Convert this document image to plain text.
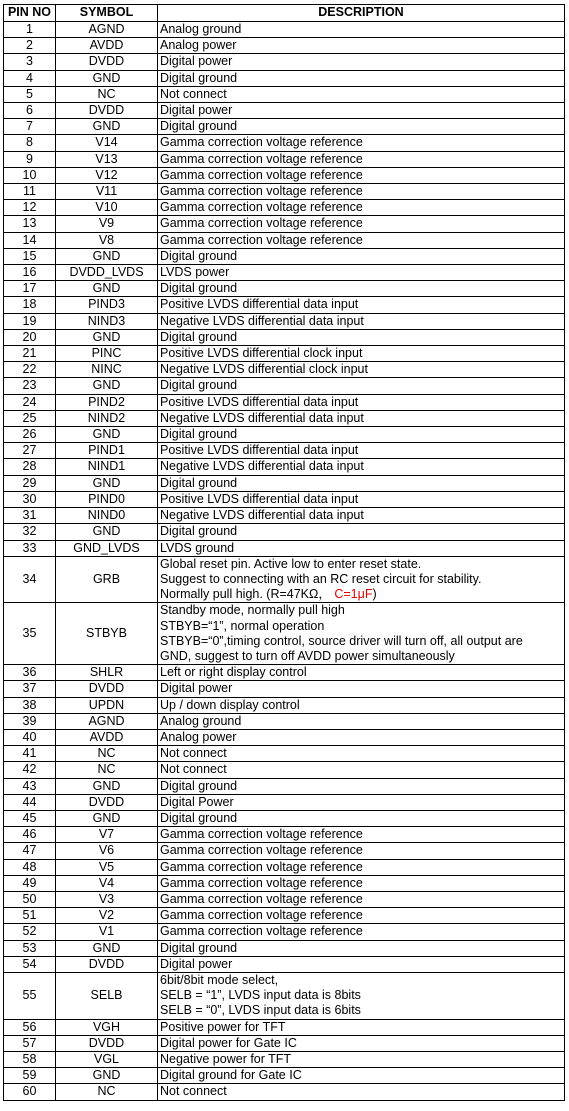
PIN NO	SYMBOL	DESCRIPTION
1	AGND	Analog ground

2	AVDD	Analog power

3	DVDD	Digital power

4	GND	Digital ground

5	NC	Not connect

6	DVDD	Digital power

7	GND	Digital ground

8	V14	Gamma correction voltage reference

9	V13	Gamma correction voltage reference

10	V12	Gamma correction voltage reference

11	V11	Gamma correction voltage reference

12	V10	Gamma correction voltage reference

13	V9	Gamma correction voltage reference

14	V8	Gamma correction voltage reference

15	GND	Digital ground

16	DVDD_LVDS	LVDS power

17	GND	Digital ground

18	PIND3	Positive LVDS differential data input

19	NIND3	Negative LVDS differential data input

20	GND	Digital ground

21	PINC	Positive LVDS differential clock input

22	NINC	Negative LVDS differential clock input

23	GND	Digital ground

24	PIND2	Positive LVDS differential data input

25	NIND2	Negative LVDS differential data input

26	GND	Digital ground

27	PIND1	Positive LVDS differential data input

28	NIND1	Negative LVDS differential data input

29	GND	Digital ground

30	PIND0	Positive LVDS differential data input

31	NIND0	Negative LVDS differential data input

32	GND	Digital ground

33	GND_LVDS	LVDS ground

34	GRB	Global reset pin. Active low to enter reset state.
Suggest to connecting with an RC reset circuit for stability.
Normally pull high. (R=47KΩ， C=1μF)

35	STBYB	Standby mode, normally pull high
STBYB=“1”, normal operation
STBYB=“0”,timing control, source driver will turn off, all output are
GND, suggest to turn off AVDD power simultaneously

36	SHLR	Left or right display control

37	DVDD	Digital power

38	UPDN	Up / down display control

39	AGND	Analog ground

40	AVDD	Analog power

41	NC	Not connect

42	NC	Not connect

43	GND	Digital ground

44	DVDD	Digital Power

45	GND	Digital ground

46	V7	Gamma correction voltage reference

47	V6	Gamma correction voltage reference

48	V5	Gamma correction voltage reference

49	V4	Gamma correction voltage reference

50	V3	Gamma correction voltage reference

51	V2	Gamma correction voltage reference

52	V1	Gamma correction voltage reference

53	GND	Digital ground

54	DVDD	Digital power

55	SELB	6bit/8bit mode select,
SELB = “1”, LVDS input data is 8bits
SELB = “0”, LVDS input data is 6bits

56	VGH	Positive power for TFT

57	DVDD	Digital power for Gate IC

58	VGL	Negative power for TFT

59	GND	Digital ground for Gate IC

60	NC	Not connect
